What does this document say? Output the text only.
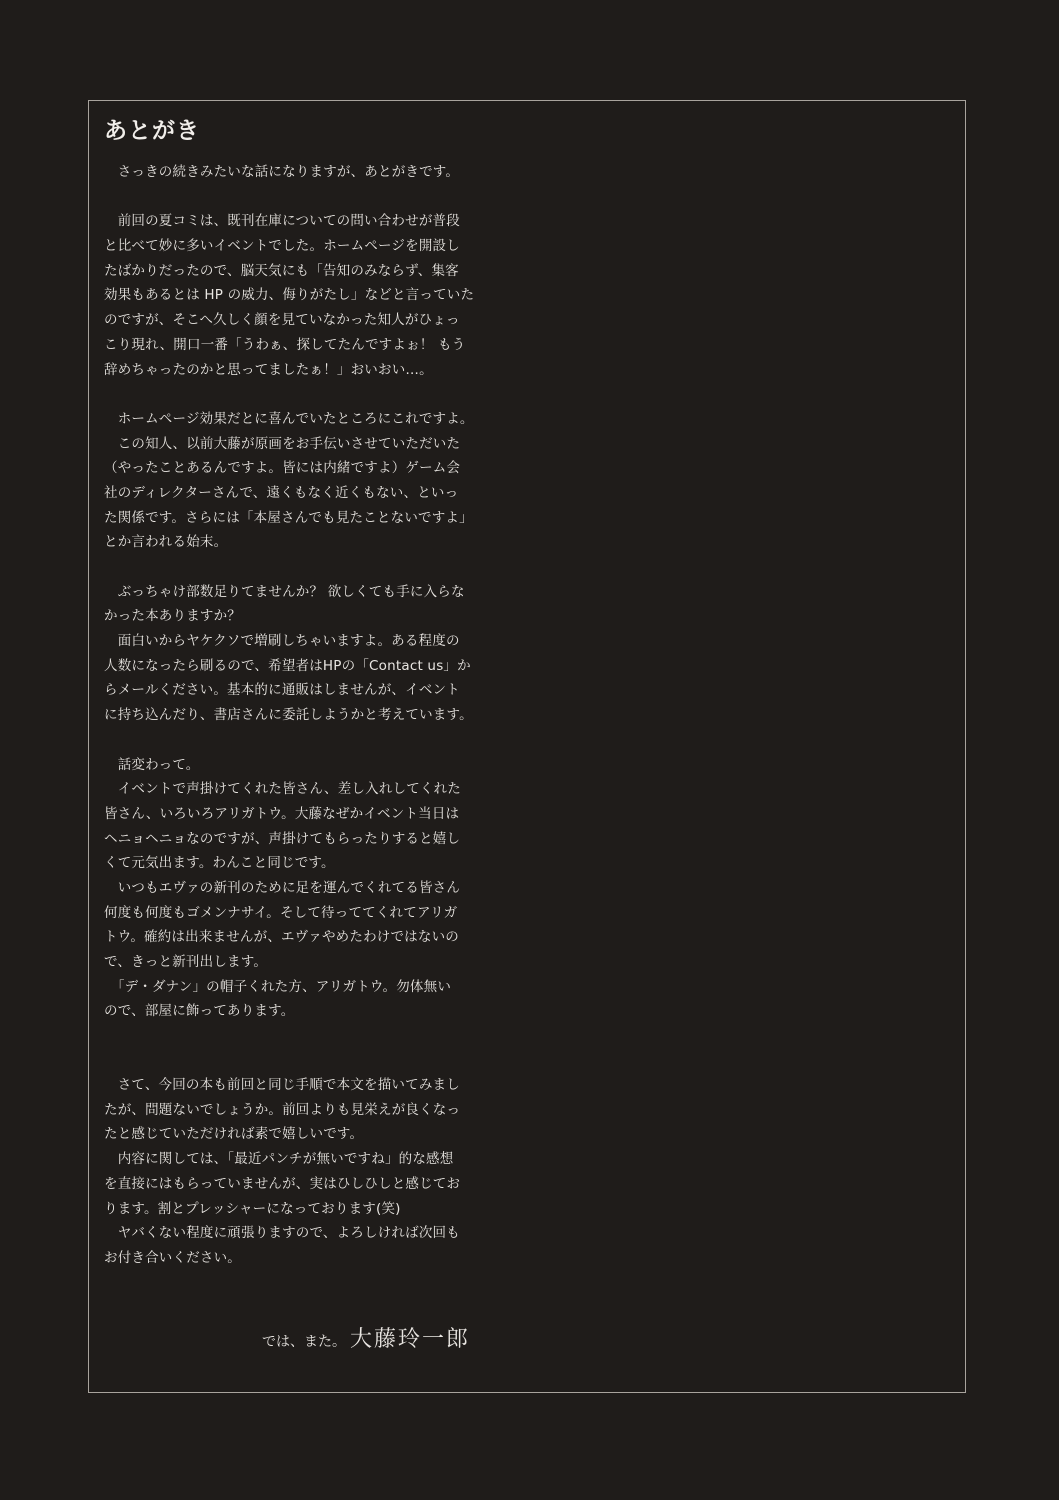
あとがき
　さっきの続きみたいな話になりますが、あとがきです。
　前回の夏コミは、既刊在庫についての問い合わせが普段
と比べて妙に多いイベントでした。ホームページを開設し
たばかりだったので、脳天気にも「告知のみならず、集客
効果もあるとは HP の威力、侮りがたし」などと言っていた
のですが、そこへ久しく顔を見ていなかった知人がひょっ
こり現れ、開口一番「うわぁ、探してたんですよぉ！ もう
辞めちゃったのかと思ってましたぁ！」おいおい…。
　ホームページ効果だとに喜んでいたところにこれですよ。
　この知人、以前大藤が原画をお手伝いさせていただいた
（やったことあるんですよ。皆には内緒ですよ）ゲーム会
社のディレクターさんで、遠くもなく近くもない、といっ
た関係です。さらには「本屋さんでも見たことないですよ」
とか言われる始末。
　ぶっちゃけ部数足りてませんか？ 欲しくても手に入らな
かった本ありますか？
　面白いからヤケクソで増刷しちゃいますよ。ある程度の
人数になったら刷るので、希望者はHPの「Contact us」か
らメールください。基本的に通販はしませんが、イベント
に持ち込んだり、書店さんに委託しようかと考えています。
　話変わって。
　イベントで声掛けてくれた皆さん、差し入れしてくれた
皆さん、いろいろアリガトウ。大藤なぜかイベント当日は
ヘニョヘニョなのですが、声掛けてもらったりすると嬉し
くて元気出ます。わんこと同じです。
　いつもエヴァの新刊のために足を運んでくれてる皆さん
何度も何度もゴメンナサイ。そして待っててくれてアリガ
トウ。確約は出来ませんが、エヴァやめたわけではないの
で、きっと新刊出します。
　「デ・ダナン」の帽子くれた方、アリガトウ。勿体無い
ので、部屋に飾ってあります。
　さて、今回の本も前回と同じ手順で本文を描いてみまし
たが、問題ないでしょうか。前回よりも見栄えが良くなっ
たと感じていただければ素で嬉しいです。
　内容に関しては、「最近パンチが無いですね」的な感想
を直接にはもらっていませんが、実はひしひしと感じてお
ります。割とプレッシャーになっております(笑)
　ヤバくない程度に頑張りますので、よろしければ次回も
お付き合いください。
では、また。 大藤玲一郎
